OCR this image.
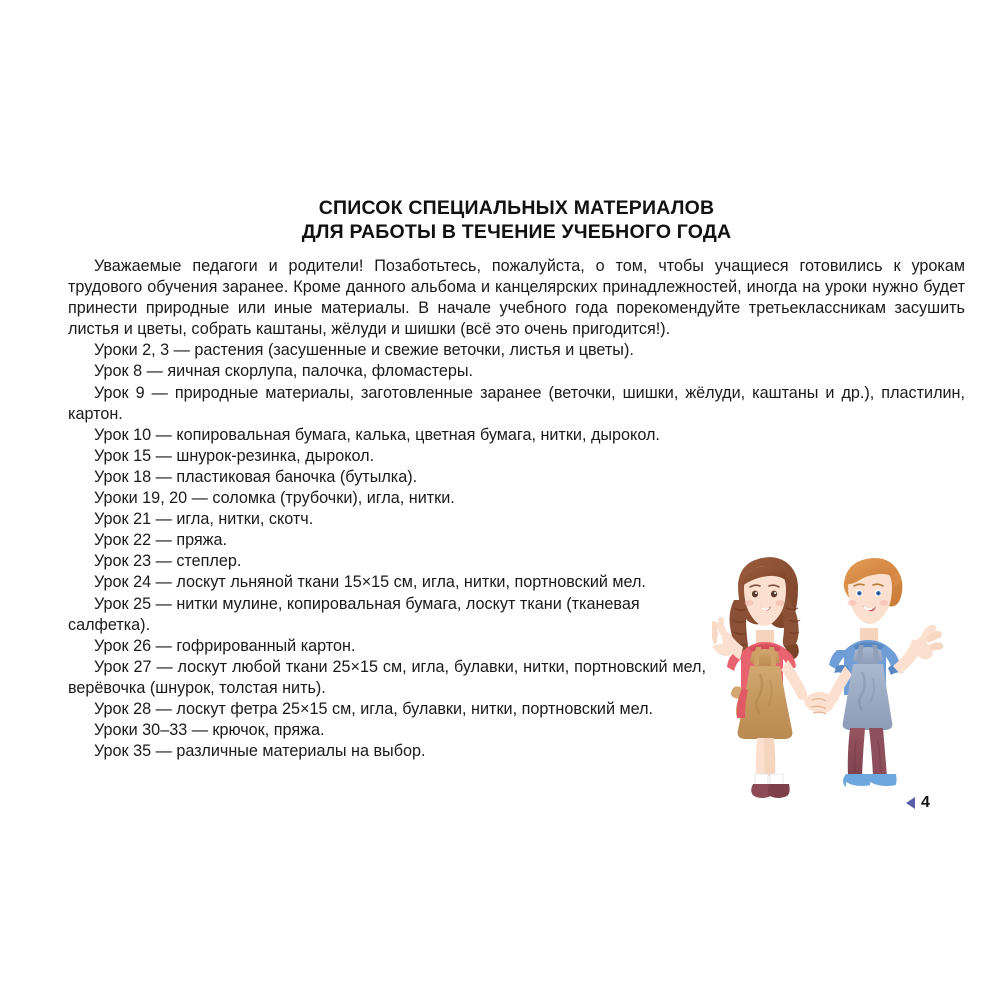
СПИСОК СПЕЦИАЛЬНЫХ МАТЕРИАЛОВ
ДЛЯ РАБОТЫ В ТЕЧЕНИЕ УЧЕБНОГО ГОДА

Уважаемые педагоги и родители! Позаботьтесь, пожалуйста, о том, чтобы учащиеся готовились к урокам трудового обучения заранее. Кроме данного альбома и канцелярских принадлежностей, иногда на уроки нужно будет принести природные или иные материалы. В начале учебного года порекомендуйте третьеклассникам засушить листья и цветы, собрать каштаны, жёлуди и шишки (всё это очень пригодится!).

Уроки 2, 3 — растения (засушенные и свежие веточки, листья и цветы).

Урок 8 — яичная скорлупа, палочка, фломастеры.

Урок 9 — природные материалы, заготовленные заранее (веточки, шишки, жёлуди, каштаны и др.), пластилин, картон.

Урок 10 — копировальная бумага, калька, цветная бумага, нитки, дырокол.

Урок 15 — шнурок-резинка, дырокол.

Урок 18 — пластиковая баночка (бутылка).

Уроки 19, 20 — соломка (трубочки), игла, нитки.

Урок 21 — игла, нитки, скотч.

Урок 22 — пряжа.

Урок 23 — степлер.

Урок 24 — лоскут льняной ткани 15×15 см, игла, нитки, портновский мел.

Урок 25 — нитки мулине, копировальная бумага, лоскут ткани (тканевая салфетка).

Урок 26 — гофрированный картон.

Урок 27 — лоскут любой ткани 25×15 см, игла, булавки, нитки, портновский мел, верёвочка (шнурок, толстая нить).

Урок 28 — лоскут фетра 25×15 см, игла, булавки, нитки, портновский мел.

Уроки 30–33 — крючок, пряжа.

Урок 35 — различные материалы на выбор.

4
